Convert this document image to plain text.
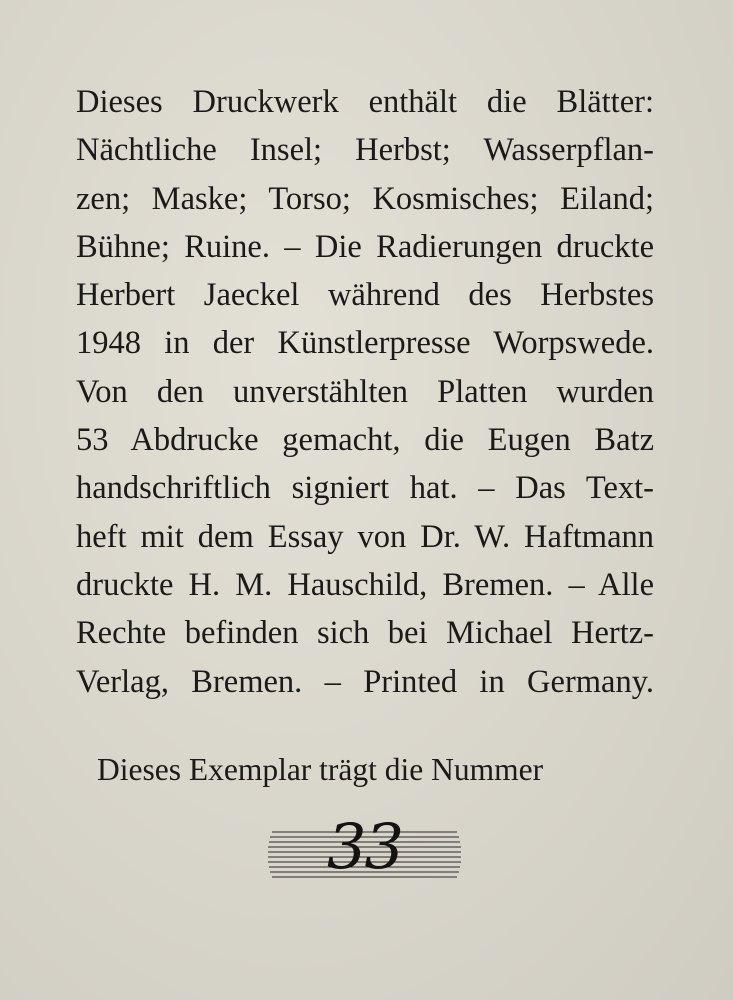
Dieses Druckwerk enthält die Blätter:
Nächtliche Insel; Herbst; Wasserpflan-
zen; Maske; Torso; Kosmisches; Eiland;
Bühne; Ruine. – Die Radierungen druckte
Herbert Jaeckel während des Herbstes
1948 in der Künstlerpresse Worpswede.
Von den unverstählten Platten wurden
53 Abdrucke gemacht, die Eugen Batz
handschriftlich signiert hat. – Das Text-
heft mit dem Essay von Dr. W. Haftmann
druckte H. M. Hauschild, Bremen. – Alle
Rechte befinden sich bei Michael Hertz-
Verlag, Bremen. – Printed in Germany.

Dieses Exemplar trägt die Nummer

33
